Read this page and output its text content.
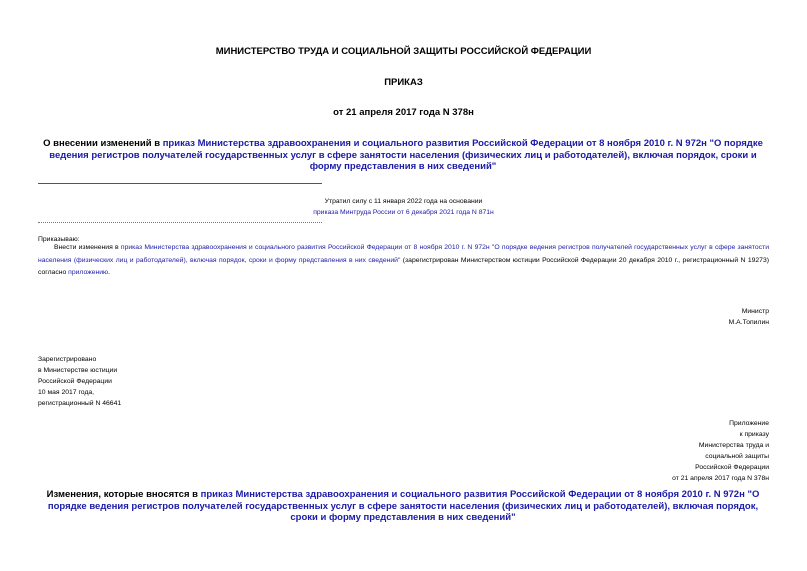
МИНИСТЕРСТВО ТРУДА И СОЦИАЛЬНОЙ ЗАЩИТЫ РОССИЙСКОЙ ФЕДЕРАЦИИ
ПРИКАЗ
от 21 апреля 2017 года N 378н
О внесении изменений в приказ Министерства здравоохранения и социального развития Российской Федерации от 8 ноября 2010 г. N 972н "О порядке ведения регистров получателей государственных услуг в сфере занятости населения (физических лиц и работодателей), включая порядок, сроки и форму представления в них сведений"
Утратил силу с 11 января 2022 года на основании
приказа Минтруда России от 6 декабря 2021 года N 871н
Приказываю:
Внести изменения в приказ Министерства здравоохранения и социального развития Российской Федерации от 8 ноября 2010 г. N 972н "О порядке ведения регистров получателей государственных услуг в сфере занятости населения (физических лиц и работодателей), включая порядок, сроки и форму представления в них сведений" (зарегистрирован Министерством юстиции Российской Федерации 20 декабря 2010 г., регистрационный N 19273) согласно приложению.
Министр
М.А.Топилин
Зарегистрировано
в Министерстве юстиции
Российской Федерации
10 мая 2017 года,
регистрационный N 46641
Приложение
к приказу
Министерства труда и
социальной защиты
Российской Федерации
от 21 апреля 2017 года N 378н
Изменения, которые вносятся в приказ Министерства здравоохранения и социального развития Российской Федерации от 8 ноября 2010 г. N 972н "О порядке ведения регистров получателей государственных услуг в сфере занятости населения (физических лиц и работодателей), включая порядок, сроки и форму представления в них сведений"
